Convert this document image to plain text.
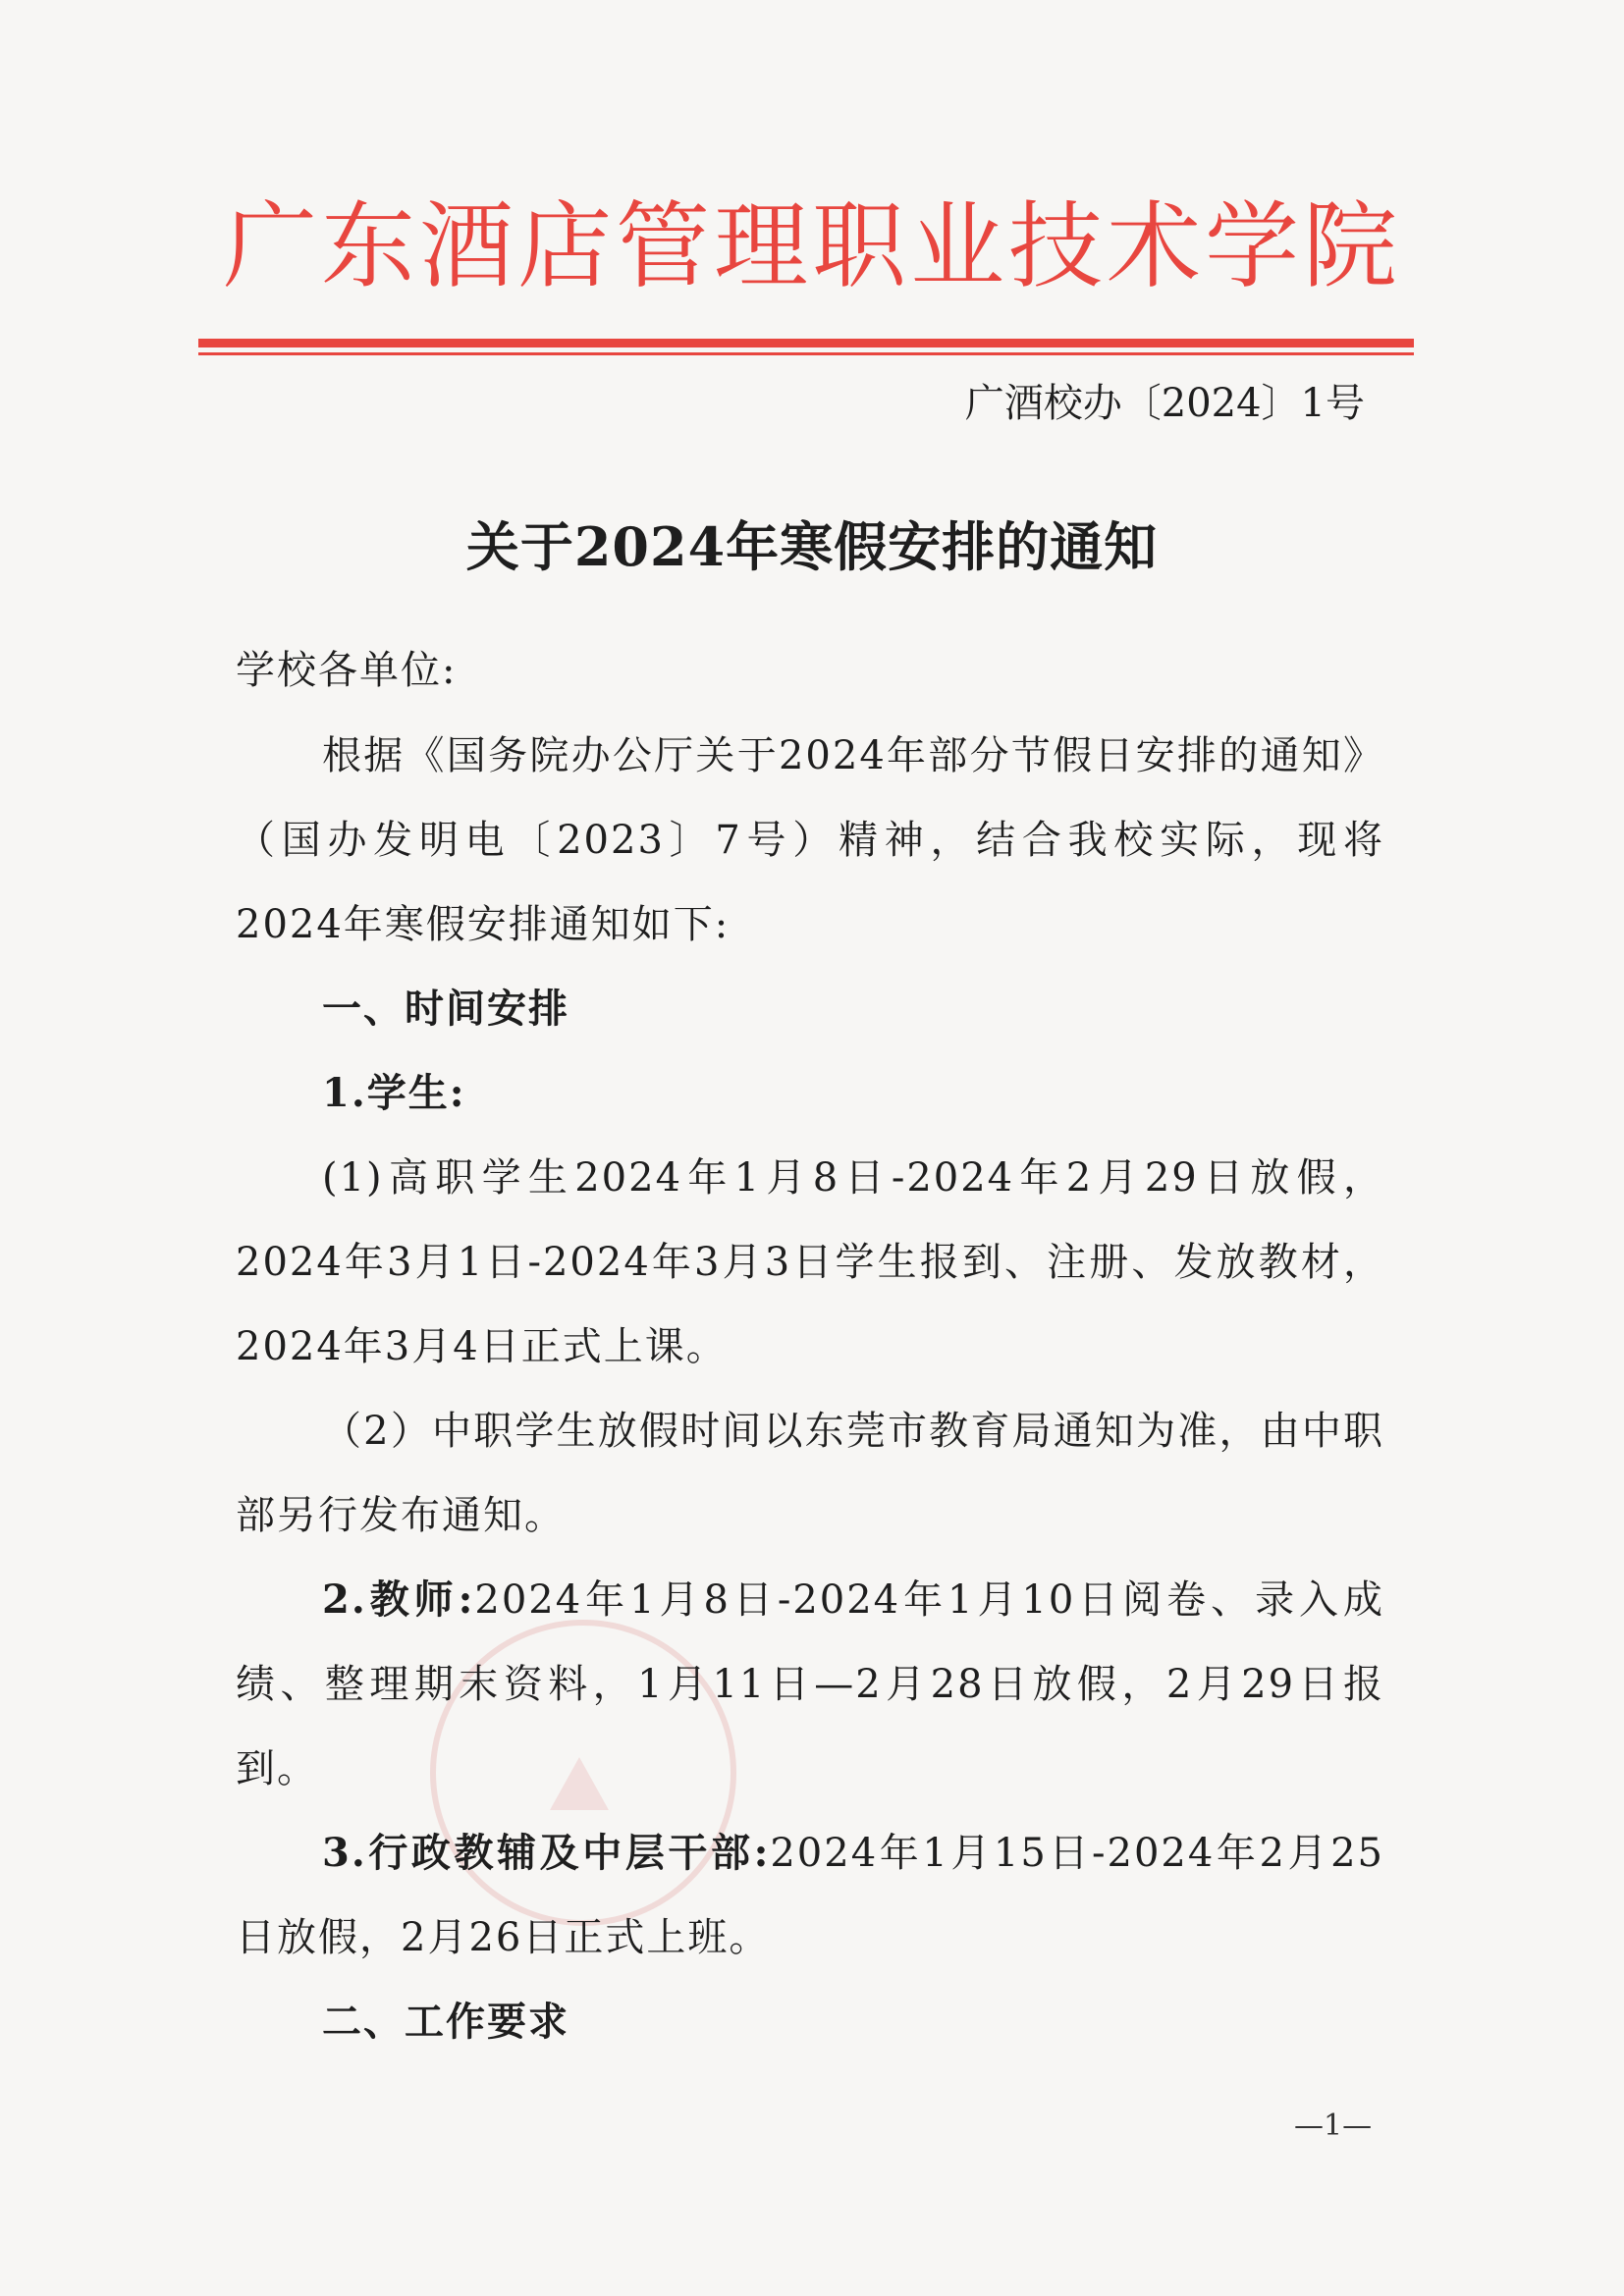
广东酒店管理职业技术学院
广酒校办〔2024〕1号
关于2024年寒假安排的通知
学校各单位:
根据《国务院办公厅关于2024年部分节假日安排的通知》（国办发明电〔2023〕7号）精神，结合我校实际，现将2024年寒假安排通知如下:
一、时间安排
1.学生:
(1)高职学生2024年1月8日-2024年2月29日放假，2024年3月1日-2024年3月3日学生报到、注册、发放教材，2024年3月4日正式上课。
（2）中职学生放假时间以东莞市教育局通知为准，由中职部另行发布通知。
2.教师:2024年1月8日-2024年1月10日阅卷、录入成绩、整理期末资料，1月11日—2月28日放假，2月29日报到。
3.行政教辅及中层干部:2024年1月15日-2024年2月25日放假，2月26日正式上班。
二、工作要求
—1—
